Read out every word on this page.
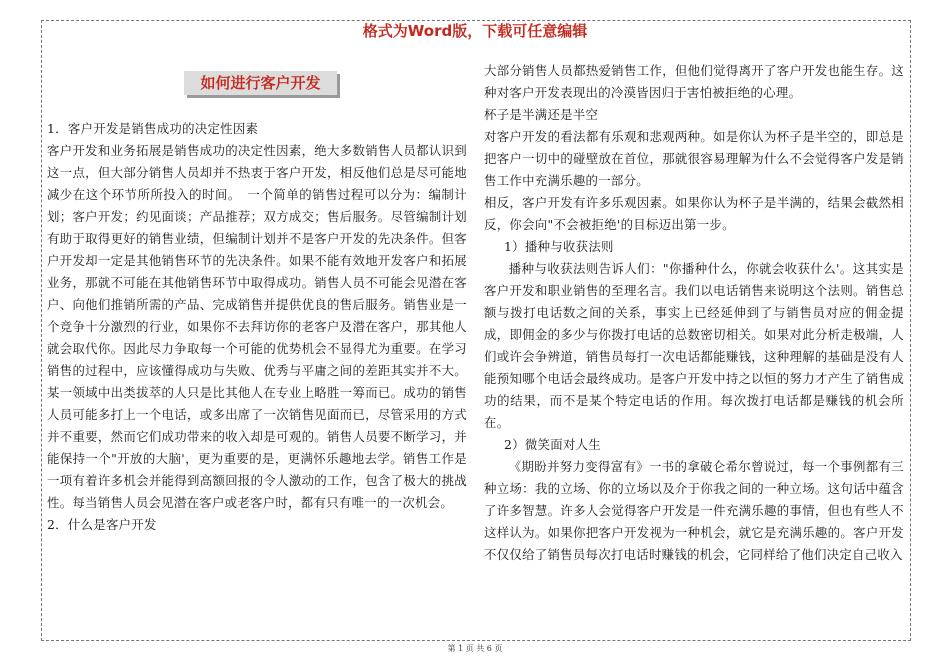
格式为Word版，下载可任意编辑
如何进行客户开发

1．客户开发是销售成功的决定性因素

客户开发和业务拓展是销售成功的决定性因素，绝大多数销售人员都认识到这一点，但大部分销售人员却并不热衷于客户开发，相反他们总是尽可能地减少在这个环节所所投入的时间。　一个简单的销售过程可以分为：编制计划；客户开发；约见面谈；产品推荐；双方成交；售后服务。尽管编制计划有助于取得更好的销售业绩，但编制计划并不是客户开发的先决条件。但客户开发却一定是其他销售环节的先决条件。如果不能有效地开发客户和拓展业务，那就不可能在其他销售环节中取得成功。销售人员不可能会见潜在客户、向他们推销所需的产品、完成销售并提供优良的售后服务。销售业是一个竞争十分激烈的行业，如果你不去拜访你的老客户及潜在客户，那其他人就会取代你。因此尽力争取每一个可能的优势机会不显得尤为重要。在学习销售的过程中，应该懂得成功与失败、优秀与平庸之间的差距其实并不大。某一领域中出类拔萃的人只是比其他人在专业上略胜一筹而已。成功的销售人员可能多打上一个电话，或多出席了一次销售见面而已，尽管采用的方式并不重要，然而它们成功带来的收入却是可观的。销售人员要不断学习，并能保持一个"开放的大脑'，更为重要的是，更满怀乐趣地去学。销售工作是一项有着许多机会并能得到高额回报的令人激动的工作，包含了极大的挑战性。每当销售人员会见潜在客户或老客户时，都有只有唯一的一次机会。

2．什么是客户开发

大部分销售人员都热爱销售工作，但他们觉得离开了客户开发也能生存。这种对客户开发表现出的冷漠皆因归于害怕被拒绝的心理。

杯子是半满还是半空

对客户开发的看法都有乐观和悲观两种。如是你认为杯子是半空的，即总是把客户一切中的碰壁放在首位，那就很容易理解为什么不会觉得客户发是销售工作中充满乐趣的一部分。

相反，客户开发有许多乐观因素。如果你认为杯子是半满的，结果会截然相反，你会向"不会被拒绝'的目标迈出第一步。

1）播种与收获法则

播种与收获法则告诉人们："你播种什么，你就会收获什么'。这其实是客户开发和职业销售的至理名言。我们以电话销售来说明这个法则。销售总额与拨打电话数之间的关系，事实上已经延伸到了与销售员对应的佣金提成，即佣金的多少与你拨打电话的总数密切相关。如果对此分析走极端，人们或许会争辨道，销售员每打一次电话都能赚钱，这种理解的基础是没有人能预知哪个电话会最终成功。是客户开发中持之以恒的努力才产生了销售成功的结果，而不是某个特定电话的作用。每次拨打电话都是赚钱的机会所在。

2）微笑面对人生

《期盼并努力变得富有》一书的拿破仑希尔曾说过，每一个事例都有三种立场：我的立场、你的立场以及介于你我之间的一种立场。这句话中蕴含了许多智慧。许多人会觉得客户开发是一件充满乐趣的事情，但也有些人不这样认为。如果你把客户开发视为一种机会，就它是充满乐趣的。客户开发不仅仅给了销售员每次打电话时赚钱的机会，它同样给了他们决定自己收入

第 1 页 共 6 页
